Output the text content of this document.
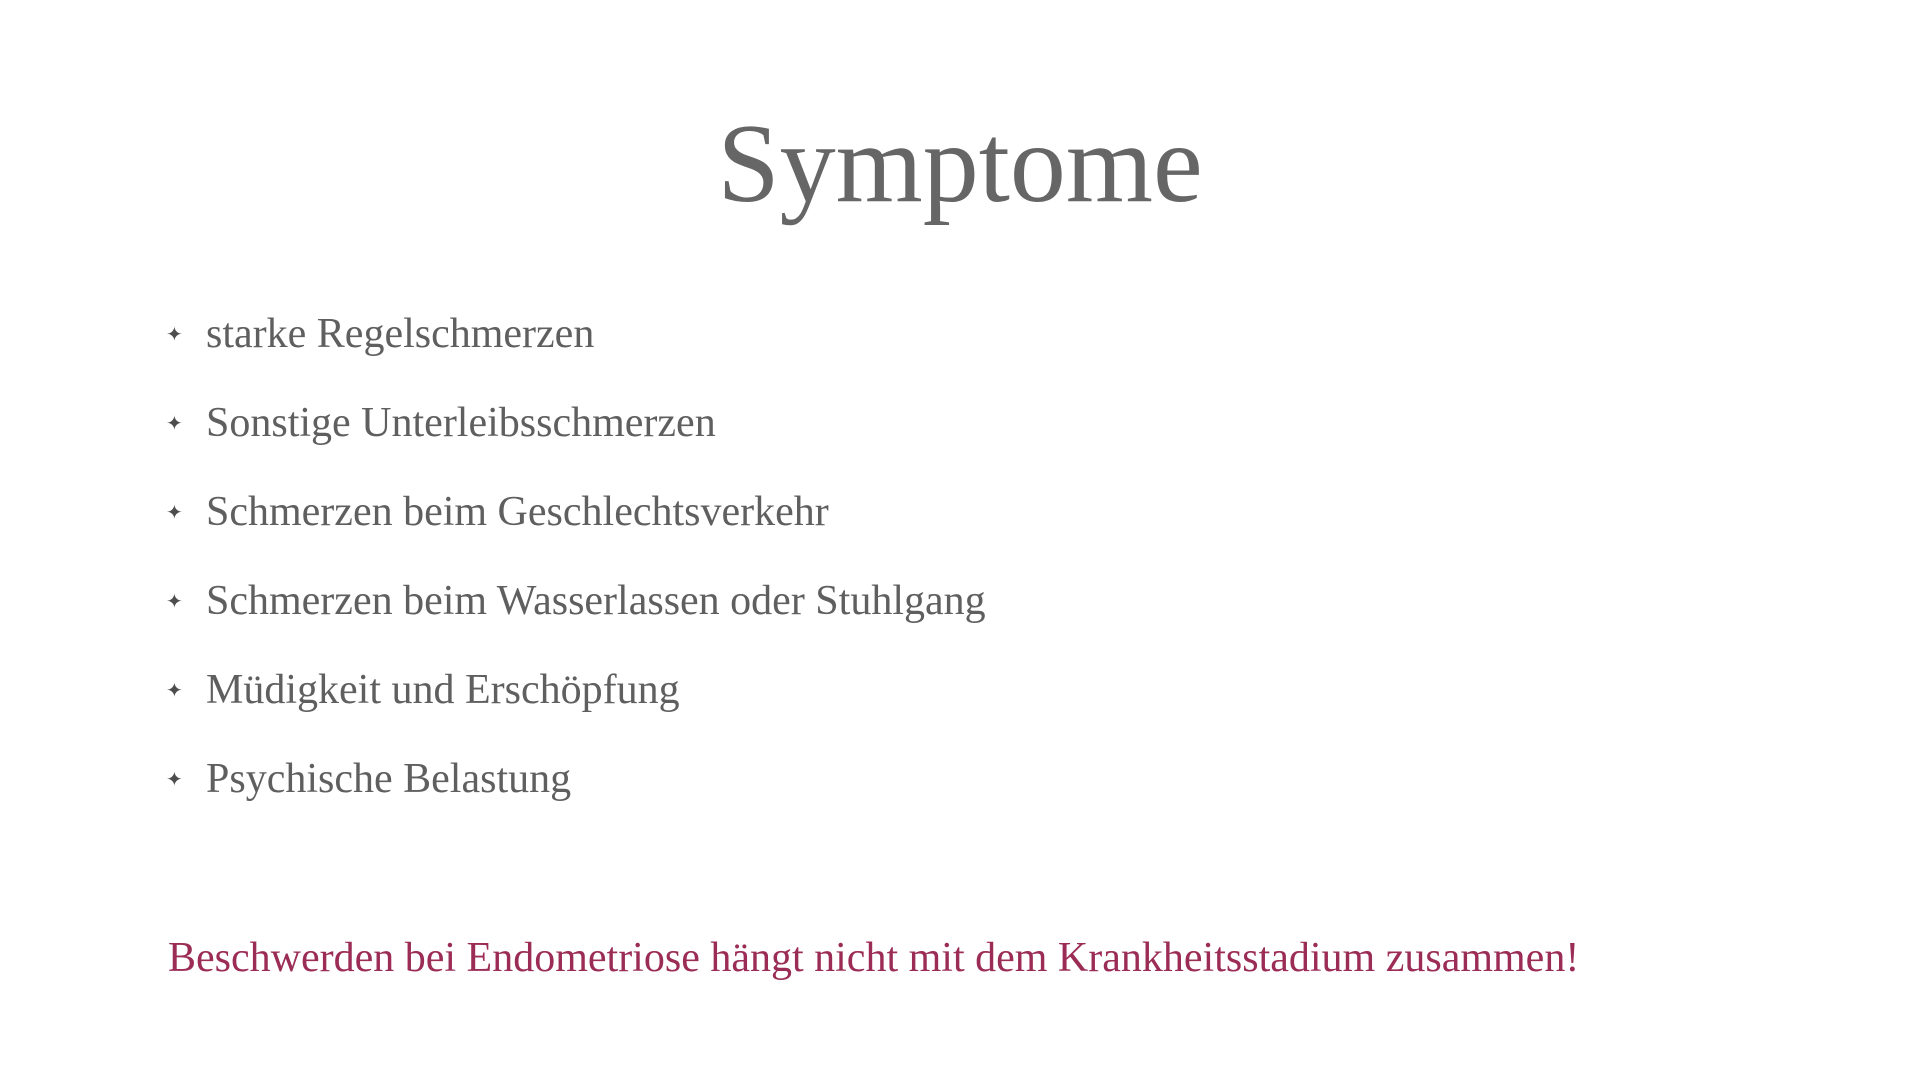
Symptome
✦ starke Regelschmerzen
✦ Sonstige Unterleibsschmerzen
✦ Schmerzen beim Geschlechtsverkehr
✦ Schmerzen beim Wasserlassen oder Stuhlgang
✦ Müdigkeit und Erschöpfung
✦ Psychische Belastung
Beschwerden bei Endometriose hängt nicht mit dem Krankheitsstadium zusammen!
